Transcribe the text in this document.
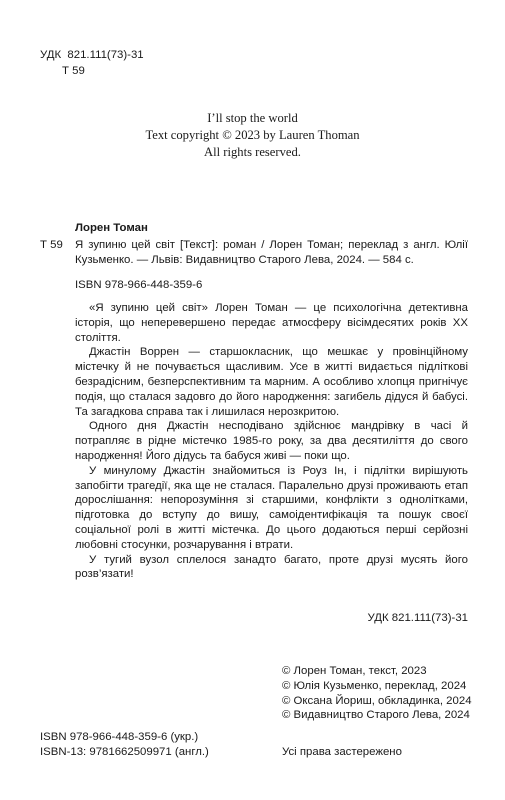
УДК 821.111(73)-31
Т 59
I’ll stop the world
Text copyright © 2023 by Lauren Thoman
All rights reserved.
Лорен Томан
Т 59 Я зупиню цей світ [Текст]: роман / Лорен Томан; переклад з англ. Юлії Кузьменко. — Львів: Видавництво Старого Лева, 2024. — 584 с.
ISBN 978-966-448-359-6

«Я зупиню цей світ» Лорен Томан — це психологічна детективна історія, що неперевершено передає атмосферу вісімдесятих років XX століття.

Джастін Воррен — старшокласник, що мешкає у провінційному містечку й не почувається щасливим. Усе в житті видається підліткові безрадісним, безперспективним та марним. А особливо хлопця пригнічує подія, що сталася задовго до його народження: загибель дідуся й бабусі. Та загадкова справа так і лишилася нерозкритою.

Одного дня Джастін несподівано здійснює мандрівку в часі й потрапляє в рідне містечко 1985-го року, за два десятиліття до свого народження! Його дідусь та бабуся живі — поки що.

У минулому Джастін знайомиться із Роуз Ін, і підлітки вирішують запобігти трагедії, яка ще не сталася. Паралельно друзі проживають етап дорослішання: непорозуміння зі старшими, конфлікти з однолітками, підготовка до вступу до вишу, самоідентифікація та пошук своєї соціальної ролі в житті містечка. До цього додаються перші серйозні любовні стосунки, розчарування і втрати.

У тугий вузол сплелося занадто багато, проте друзі мусять його розв’язати!

УДК 821.111(73)-31
© Лорен Томан, текст, 2023
© Юлія Кузьменко, переклад, 2024
© Оксана Йориш, обкладинка, 2024
© Видавництво Старого Лева, 2024
ISBN 978-966-448-359-6 (укр.)
ISBN-13: 9781662509971 (англ.)	Усі права застережено
